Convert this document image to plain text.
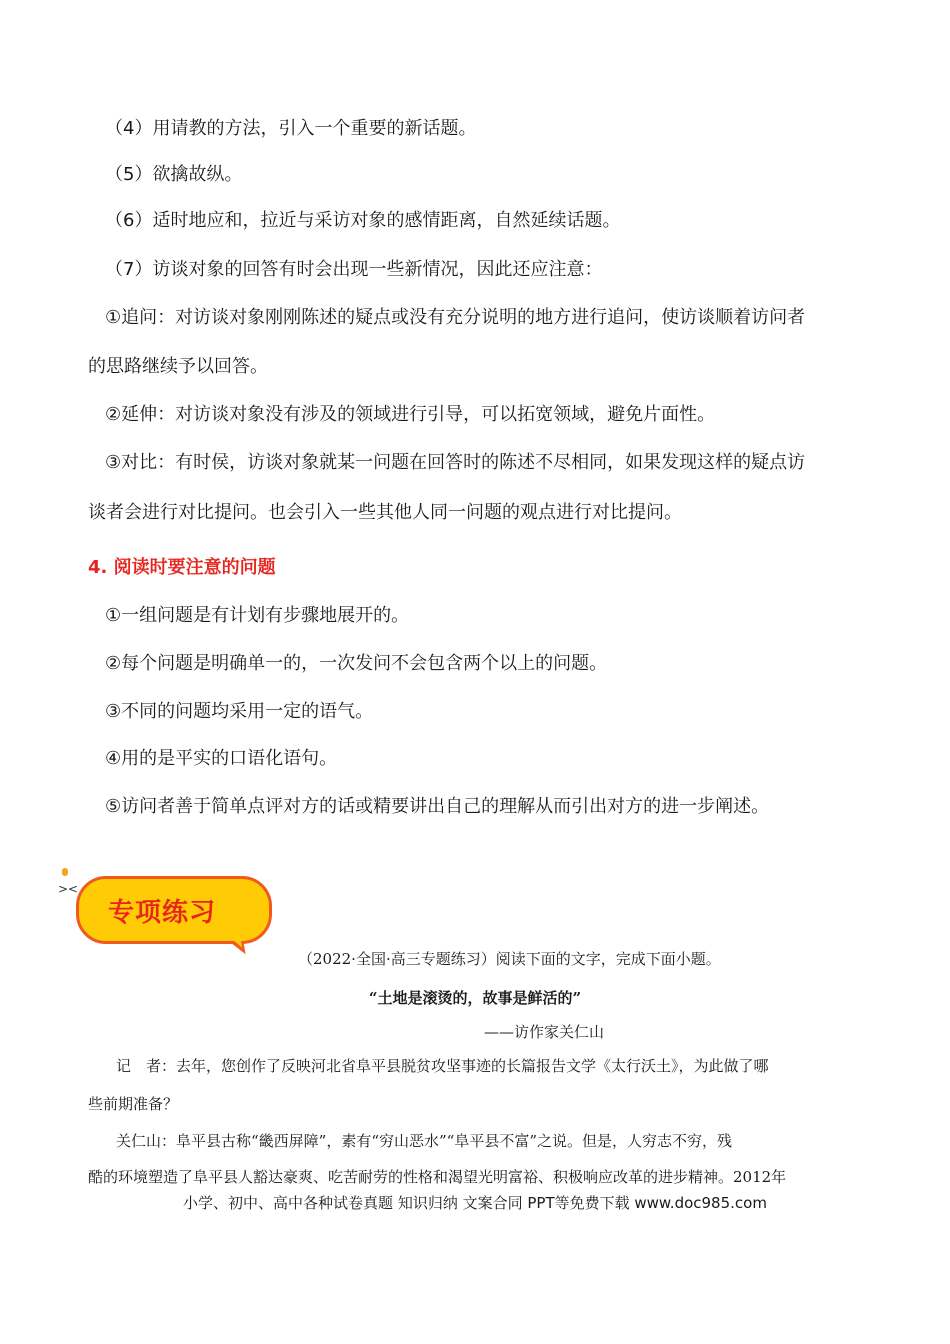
（4）用请教的方法，引入一个重要的新话题。
（5）欲擒故纵。
（6）适时地应和，拉近与采访对象的感情距离，自然延续话题。
（7）访谈对象的回答有时会出现一些新情况，因此还应注意：
①追问：对访谈对象刚刚陈述的疑点或没有充分说明的地方进行追问，使访谈顺着访问者
的思路继续予以回答。
②延伸：对访谈对象没有涉及的领域进行引导，可以拓宽领域，避免片面性。
③对比：有时侯，访谈对象就某一问题在回答时的陈述不尽相同，如果发现这样的疑点访
谈者会进行对比提问。也会引入一些其他人同一问题的观点进行对比提问。
4. 阅读时要注意的问题
①一组问题是有计划有步骤地展开的。
②每个问题是明确单一的，一次发问不会包含两个以上的问题。
③不同的问题均采用一定的语气。
④用的是平实的口语化语句。
⑤访问者善于简单点评对方的话或精要讲出自己的理解从而引出对方的进一步阐述。
><
专项练习
（2022·全国·高三专题练习）阅读下面的文字，完成下面小题。
“土地是滚烫的，故事是鲜活的”
——访作家关仁山
记　者：去年，您创作了反映河北省阜平县脱贫攻坚事迹的长篇报告文学《太行沃土》，为此做了哪
些前期准备？
关仁山：阜平县古称“畿西屏障”，素有“穷山恶水”“阜平县不富”之说。但是，人穷志不穷，残
酷的环境塑造了阜平县人豁达豪爽、吃苦耐劳的性格和渴望光明富裕、积极响应改革的进步精神。2012年
小学、初中、高中各种试卷真题 知识归纳 文案合同 PPT等免费下载 www.doc985.com
